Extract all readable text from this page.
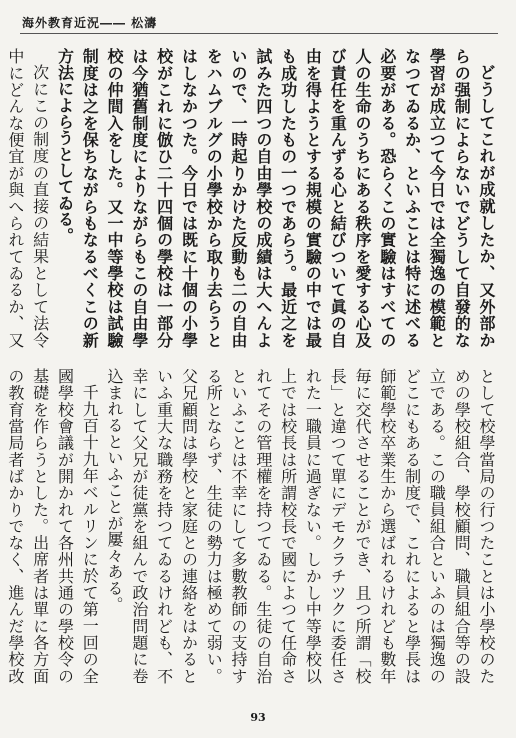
海外教育近況―― 松濤

どうしてこれが成就したか、又外部からの强制によらないでどうして自發的な學習が成立つて今日では全獨逸の模範となつてゐるか、といふことは特に述べる必要がある。恐らくこの實驗はすべての人の生命のうちにある秩序を愛する心及び責任を重んずる心と結びついて眞の自由を得ようとする規模の實驗の中では最も成功したもの一つであらう。最近之を試みた四つの自由學校の成績は大へんよいので、一時起りかけた反動も二の自由をハムブルグの小學校から取り去らうとはしなかつた。今日では既に十個の小學校がこれに倣ひ二十四個の學校は一部分は今猶舊制度によりながらもこの自由學校の仲間入をした。又一中等學校は試驗制度は之を保ちながらもなるべくこの新方法によらうとしてゐる。

次にこの制度の直接の結果として法令中にどんな便宜が與へられてゐるか、又

として校學當局の行つたことは小學校のための學校組合、學校顧問、職員組合等の設立である。この職員組合といふのは獨逸のどこにもある制度で、これによると學長は師範學校卒業生から選ばれるけれども數年毎に交代させることができ、且つ所謂「校長」と違つて單にデモクラチツクに委任された一職員に過ぎない。しかし中等學校以上では校長は所謂校長で國によつて任命されてその管理權を持つてゐる。生徒の自治といふことは不幸にして多數教師の支持する所とならず、生徒の勢力は極めて弱い。父兄顧問は學校と家庭との連絡をはかるといふ重大な職務を持つてゐるけれども、不幸にして父兄が徒黨を組んで政治問題に卷込まれるといふことが屢々ある。

千九百十九年ベルリンに於て第一回の全國學校會議が開かれて各州共通の學校令の基礎を作らうとした。出席者は單に各方面の教育當局者ばかりでなく、進んだ學校改

93
